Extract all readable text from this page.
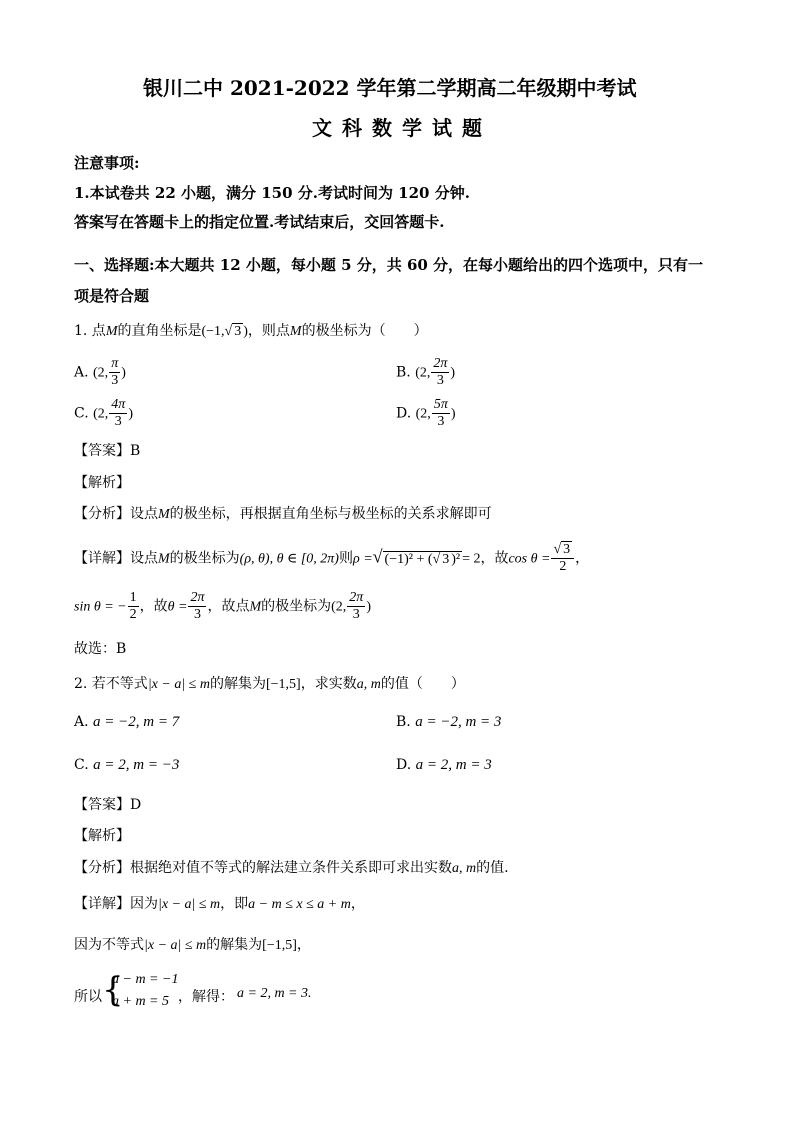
银川二中 2021-2022 学年第二学期高二年级期中考试
文科数学试题
注意事项:
1.本试卷共 22 小题，满分 150 分.考试时间为 120 分钟.
答案写在答题卡上的指定位置.考试结束后，交回答题卡.
一、选择题:本大题共 12 小题，每小题 5 分，共 60 分，在每小题给出的四个选项中，只有一
项是符合题
1. 点M的直角坐标是(−1,√ 3 )，则点M的极坐标为（　　）
A. (2, $\frac{\pi}{3}$ )	B. (2, $\frac{2\pi}{3}$ )
C. (2, $\frac{4\pi}{3}$ )	D. (2, $\frac{5\pi}{3}$ )
【答案】B
【解析】
【分析】设点M的极坐标，再根据直角坐标与极坐标的关系求解即可
【详解】设点M的极坐标为(ρ, θ), θ ∈ [0, 2π)则ρ =√ (−1)² + (√ 3 )² = 2，故$\cos \theta = \frac{√ 3}{2}$ ，
sin θ = − $\frac{1}{2}$ ，故$\theta = \frac{2\pi}{3}$ ，故点M的极坐标为(2, $\frac{2\pi}{3}$ )
故选：B
2. 若不等式|x − a| ≤ m的解集为[−1,5]，求实数a, m的值（　　）
A. a = −2, m = 7	B. a = −2, m = 3
C. a = 2, m = −3	D. a = 2, m = 3
【答案】D
【解析】
【分析】根据绝对值不等式的解法建立条件关系即可求出实数a, m的值.
【详解】因为|x − a| ≤ m，即a − m ≤ x ≤ a + m，
因为不等式|x − a| ≤ m的解集为[−1,5]，
所以 {
a − m = −1
a + m = 5 ，解得： a = 2, m = 3.
